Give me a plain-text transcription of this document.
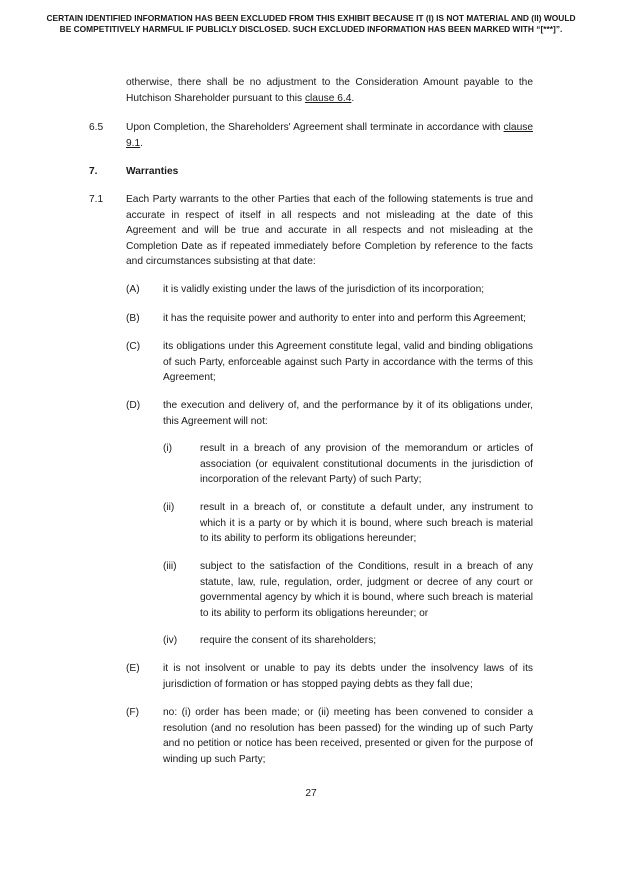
CERTAIN IDENTIFIED INFORMATION HAS BEEN EXCLUDED FROM THIS EXHIBIT BECAUSE IT (I) IS NOT MATERIAL AND (II) WOULD
BE COMPETITIVELY HARMFUL IF PUBLICLY DISCLOSED. SUCH EXCLUDED INFORMATION HAS BEEN MARKED WITH “[***]”.
otherwise, there shall be no adjustment to the Consideration Amount payable to the Hutchison Shareholder pursuant to this clause 6.4.
6.5 Upon Completion, the Shareholders' Agreement shall terminate in accordance with clause 9.1.
7.	Warranties
7.1 Each Party warrants to the other Parties that each of the following statements is true and accurate in respect of itself in all respects and not misleading at the date of this Agreement and will be true and accurate in all respects and not misleading at the Completion Date as if repeated immediately before Completion by reference to the facts and circumstances subsisting at that date:
(A) it is validly existing under the laws of the jurisdiction of its incorporation;
(B) it has the requisite power and authority to enter into and perform this Agreement;
(C) its obligations under this Agreement constitute legal, valid and binding obligations of such Party, enforceable against such Party in accordance with the terms of this Agreement;
(D) the execution and delivery of, and the performance by it of its obligations under, this Agreement will not:
(i)	result in a breach of any provision of the memorandum or articles of association (or equivalent constitutional documents in the jurisdiction of incorporation of the relevant Party) of such Party;
(ii)	result in a breach of, or constitute a default under, any instrument to which it is a party or by which it is bound, where such breach is material to its ability to perform its obligations hereunder;
(iii) subject to the satisfaction of the Conditions, result in a breach of any statute, law, rule, regulation, order, judgment or decree of any court or governmental agency by which it is bound, where such breach is material to its ability to perform its obligations hereunder; or
(iv) require the consent of its shareholders;
(E) it is not insolvent or unable to pay its debts under the insolvency laws of its jurisdiction of formation or has stopped paying debts as they fall due;
(F) no: (i) order has been made; or (ii) meeting has been convened to consider a resolution (and no resolution has been passed) for the winding up of such Party and no petition or notice has been received, presented or given for the purpose of winding up such Party;
27
